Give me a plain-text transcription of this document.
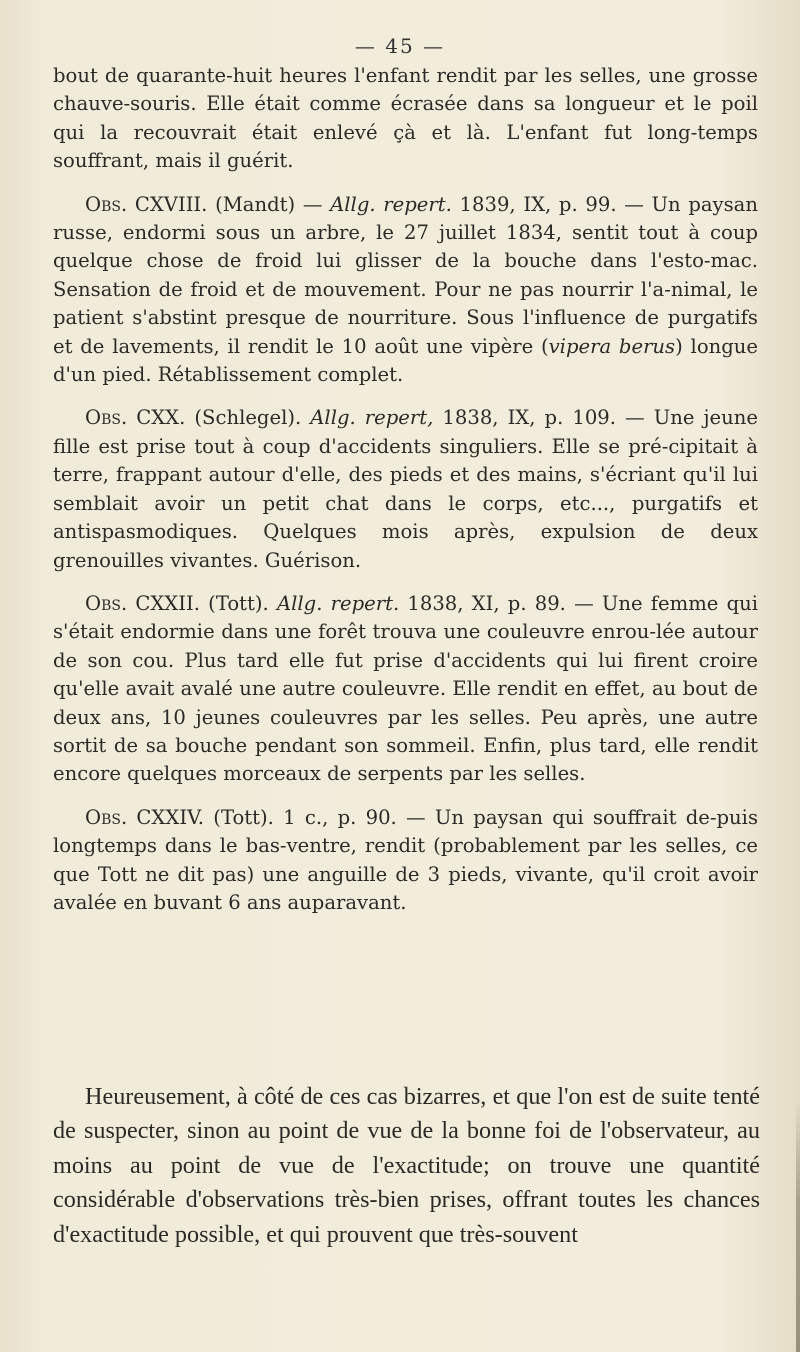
— 45 —

bout de quarante-huit heures l'enfant rendit par les selles, une grosse chauve-souris. Elle était comme écrasée dans sa longueur et le poil qui la recouvrait était enlevé çà et là. L'enfant fut long-temps souffrant, mais il guérit.

Obs. CXVIII. (Mandt) — Allg. repert. 1839, IX, p. 99. — Un paysan russe, endormi sous un arbre, le 27 juillet 1834, sentit tout à coup quelque chose de froid lui glisser de la bouche dans l'esto-mac. Sensation de froid et de mouvement. Pour ne pas nourrir l'a-nimal, le patient s'abstint presque de nourriture. Sous l'influence de purgatifs et de lavements, il rendit le 10 août une vipère (vipera berus) longue d'un pied. Rétablissement complet.

Obs. CXX. (Schlegel). Allg. repert, 1838, IX, p. 109. — Une jeune fille est prise tout à coup d'accidents singuliers. Elle se pré-cipitait à terre, frappant autour d'elle, des pieds et des mains, s'écriant qu'il lui semblait avoir un petit chat dans le corps, etc..., purgatifs et antispasmodiques. Quelques mois après, expulsion de deux grenouilles vivantes. Guérison.

Obs. CXXII. (Tott). Allg. repert. 1838, XI, p. 89. — Une femme qui s'était endormie dans une forêt trouva une couleuvre enrou-lée autour de son cou. Plus tard elle fut prise d'accidents qui lui firent croire qu'elle avait avalé une autre couleuvre. Elle rendit en effet, au bout de deux ans, 10 jeunes couleuvres par les selles. Peu après, une autre sortit de sa bouche pendant son sommeil. Enfin, plus tard, elle rendit encore quelques morceaux de serpents par les selles.

Obs. CXXIV. (Tott). 1 c., p. 90. — Un paysan qui souffrait de-puis longtemps dans le bas-ventre, rendit (probablement par les selles, ce que Tott ne dit pas) une anguille de 3 pieds, vivante, qu'il croit avoir avalée en buvant 6 ans auparavant.

Heureusement, à côté de ces cas bizarres, et que l'on est de suite tenté de suspecter, sinon au point de vue de la bonne foi de l'observateur, au moins au point de vue de l'exactitude; on trouve une quantité considérable d'observations très-bien prises, offrant toutes les chances d'exactitude possible, et qui prouvent que très-souvent
